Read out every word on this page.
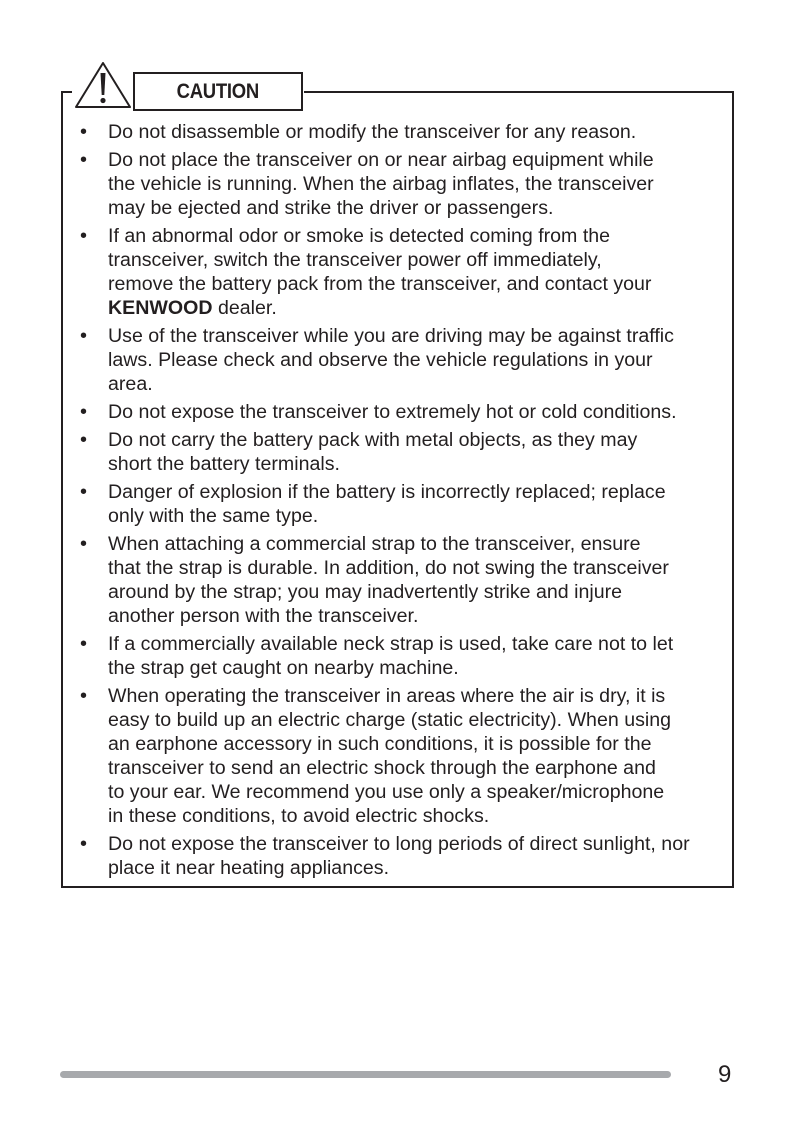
CAUTION
• Do not disassemble or modify the transceiver for any reason.
• Do not place the transceiver on or near airbag equipment while
the vehicle is running. When the airbag inflates, the transceiver
may be ejected and strike the driver or passengers.
• If an abnormal odor or smoke is detected coming from the
transceiver, switch the transceiver power off immediately,
remove the battery pack from the transceiver, and contact your
KENWOOD dealer.
• Use of the transceiver while you are driving may be against traffic
laws. Please check and observe the vehicle regulations in your
area.
• Do not expose the transceiver to extremely hot or cold conditions.
• Do not carry the battery pack with metal objects, as they may
short the battery terminals.
• Danger of explosion if the battery is incorrectly replaced; replace
only with the same type.
• When attaching a commercial strap to the transceiver, ensure
that the strap is durable. In addition, do not swing the transceiver
around by the strap; you may inadvertently strike and injure
another person with the transceiver.
• If a commercially available neck strap is used, take care not to let
the strap get caught on nearby machine.
• When operating the transceiver in areas where the air is dry, it is
easy to build up an electric charge (static electricity). When using
an earphone accessory in such conditions, it is possible for the
transceiver to send an electric shock through the earphone and
to your ear. We recommend you use only a speaker/microphone
in these conditions, to avoid electric shocks.
• Do not expose the transceiver to long periods of direct sunlight, nor
place it near heating appliances.
9
